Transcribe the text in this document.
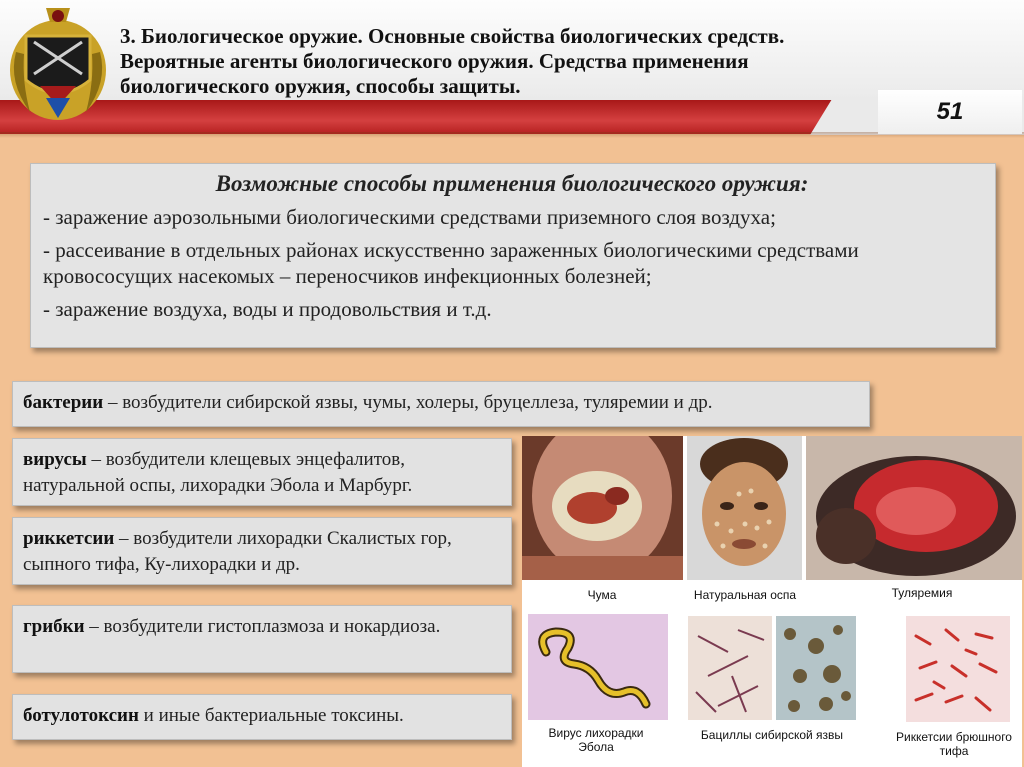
3. Биологическое оружие. Основные свойства биологических средств. Вероятные агенты биологического оружия. Средства применения биологического оружия, способы защиты.
51
Возможные способы применения биологического оружия:
- заражение аэрозольными биологическими средствами приземного слоя воздуха;
- рассеивание в отдельных районах искусственно зараженных биологическими средствами кровососущих насекомых – переносчиков инфекционных болезней;
- заражение воздуха, воды и продовольствия и т.д.
бактерии – возбудители сибирской язвы, чумы, холеры, бруцеллеза, туляремии и др.
вирусы – возбудители клещевых энцефалитов, натуральной оспы, лихорадки Эбола и Марбург.
риккетсии – возбудители лихорадки Скалистых гор, сыпного тифа, Ку-лихорадки и др.
грибки – возбудители гистоплазмоза и нокардиоза.
ботулотоксин и иные бактериальные токсины.
Чума	Натуральная оспа	Туляремия
Вирус лихорадки Эбола
Бациллы сибирской язвы	Риккетсии брюшного тифа
